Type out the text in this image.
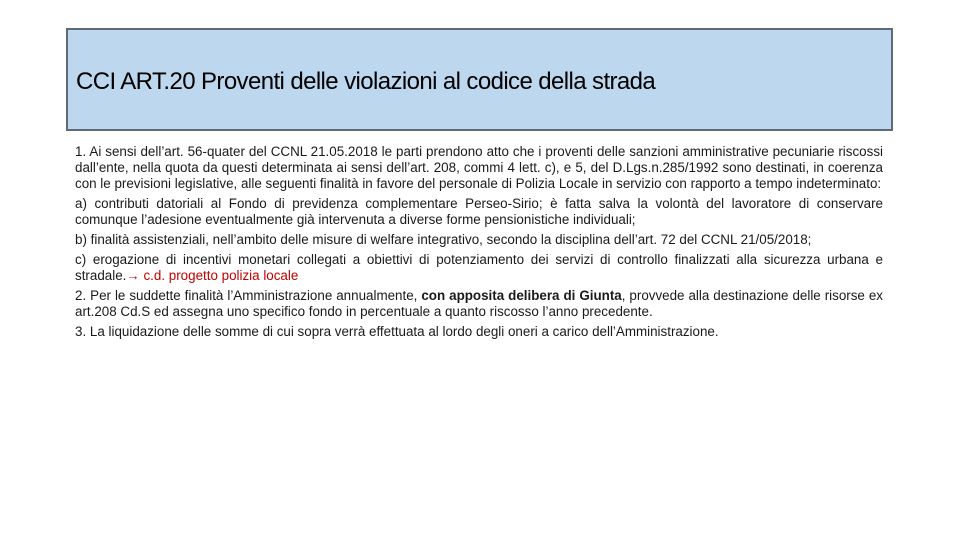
CCI ART.20 Proventi delle violazioni al codice della strada

1. Ai sensi dell’art. 56-quater del CCNL 21.05.2018 le parti prendono atto che i proventi delle sanzioni amministrative pecuniarie riscossi dall’ente, nella quota da questi determinata ai sensi dell’art. 208, commi 4 lett. c), e 5, del D.Lgs.n.285/1992 sono destinati, in coerenza con le previsioni legislative, alle seguenti finalità in favore del personale di Polizia Locale in servizio con rapporto a tempo indeterminato:

a) contributi datoriali al Fondo di previdenza complementare Perseo-Sirio; è fatta salva la volontà del lavoratore di conservare comunque l’adesione eventualmente già intervenuta a diverse forme pensionistiche individuali;

b) finalità assistenziali, nell’ambito delle misure di welfare integrativo, secondo la disciplina dell’art. 72 del CCNL 21/05/2018;

c) erogazione di incentivi monetari collegati a obiettivi di potenziamento dei servizi di controllo finalizzati alla sicurezza urbana e stradale.→ c.d. progetto polizia locale

2. Per le suddette finalità l’Amministrazione annualmente, con apposita delibera di Giunta, provvede alla destinazione delle risorse ex art.208 Cd.S ed assegna uno specifico fondo in percentuale a quanto riscosso l’anno precedente.

3. La liquidazione delle somme di cui sopra verrà effettuata al lordo degli oneri a carico dell’Amministrazione.
